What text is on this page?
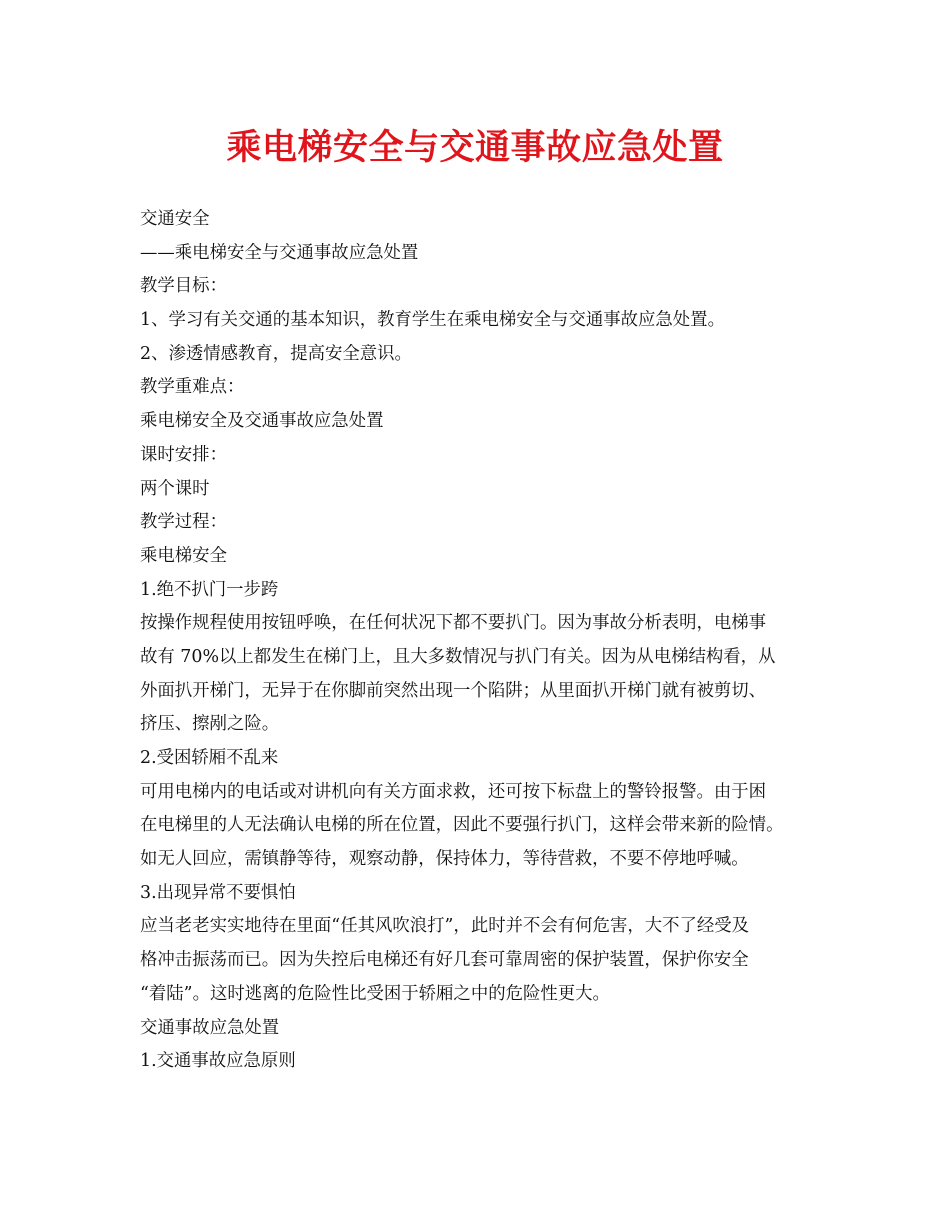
乘电梯安全与交通事故应急处置
交通安全
——乘电梯安全与交通事故应急处置
教学目标：
1、学习有关交通的基本知识，教育学生在乘电梯安全与交通事故应急处置。
2、渗透情感教育，提高安全意识。
教学重难点：
乘电梯安全及交通事故应急处置
课时安排：
两个课时
教学过程：
乘电梯安全
1.绝不扒门一步跨
按操作规程使用按钮呼唤，在任何状况下都不要扒门。因为事故分析表明，电梯事
故有 70%以上都发生在梯门上，且大多数情况与扒门有关。因为从电梯结构看，从
外面扒开梯门，无异于在你脚前突然出现一个陷阱；从里面扒开梯门就有被剪切、
挤压、擦剐之险。
2.受困轿厢不乱来
可用电梯内的电话或对讲机向有关方面求救，还可按下标盘上的警铃报警。由于困
在电梯里的人无法确认电梯的所在位置，因此不要强行扒门，这样会带来新的险情。
如无人回应，需镇静等待，观察动静，保持体力，等待营救，不要不停地呼喊。
3.出现异常不要惧怕
应当老老实实地待在里面“任其风吹浪打”，此时并不会有何危害，大不了经受及
格冲击振荡而已。因为失控后电梯还有好几套可靠周密的保护装置，保护你安全
“着陆”。这时逃离的危险性比受困于轿厢之中的危险性更大。
交通事故应急处置
1.交通事故应急原则
